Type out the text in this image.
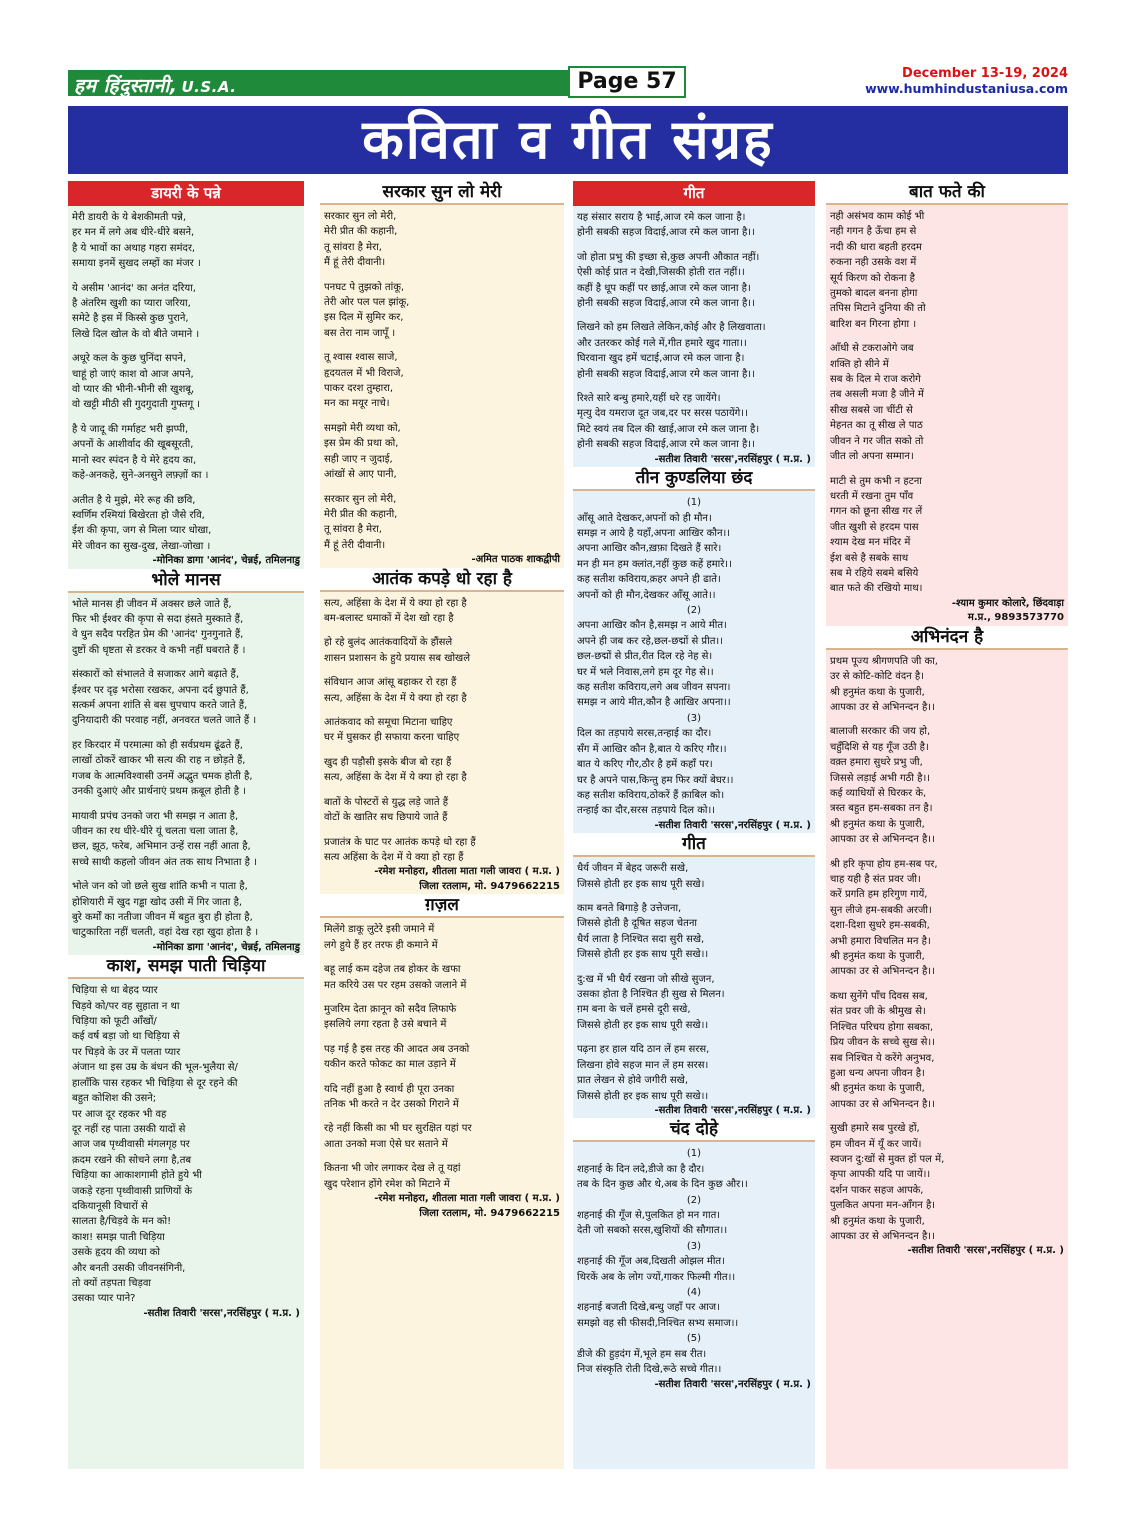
हम हिंदुस्तानी, U.S.A.	Page 57	December 13-19, 2024
www.humhindustaniusa.com
कविता व गीत संग्रह
डायरी के पन्ने
मेरी डायरी के ये बेशकीमती पन्ने,
हर मन में लगे अब धीरे-धीरे बसने,
है ये भावों का अथाह गहरा समंदर,
समाया इनमें सुखद लम्हों का मंजर ।
ये असीम 'आनंद' का अनंत दरिया,
है अंतरिम खुशी का प्यारा जरिया,
समेटे है इस में किस्से कुछ पुराने,
लिखे दिल खोल के वो बीते जमाने ।
अधूरे कल के कुछ चुनिंदा सपने,
चाहूं हो जाएं काश वो आज अपने,
वो प्यार की भीनी-भीनी सी खुशबू,
वो खट्टी मीठी सी गुदगुदाती गुफ्तगू ।
है ये जादू की गर्माहट भरी झप्पी,
अपनों के आशीर्वाद की खूबसूरती,
मानो स्वर स्पंदन है ये मेरे हृदय का,
कहे-अनकहे, सुने-अनसुने लफ़्ज़ों का ।
अतीत है ये मुझे, मेरे रूह की छवि,
स्वर्णिम रश्मियां बिखेरता हो जैसे रवि,
ईश की कृपा, जग से मिला प्यार धोखा,
मेरे जीवन का सुख-दुख, लेखा-जोखा ।
-मोनिका डागा 'आनंद', चेन्नई, तमिलनाडु
भोले मानस
भोले मानस ही जीवन में अक्सर छले जाते हैं,
फिर भी ईश्वर की कृपा से सदा हंसते मुस्काते हैं,
वे धुन सदैव परहित प्रेम की 'आनंद' गुनगुनाते हैं,
दुष्टों की धृष्टता से डरकर वे कभी नहीं घबराते हैं ।
संस्कारों को संभालते वे सजाकर आगे बढ़ाते हैं,
ईश्वर पर दृढ़ भरोसा रखकर, अपना दर्द छुपाते हैं,
सत्कर्म अपना शांति से बस चुपचाप करते जाते हैं,
दुनियादारी की परवाह नहीं, अनवरत चलते जाते हैं ।
हर किरदार में परमात्मा को ही सर्वप्रथम ढूंढते हैं,
लाखों ठोकरें खाकर भी सत्य की राह न छोड़ते हैं,
गजब के आत्मविश्वासी उनमें अद्भुत चमक होती है,
उनकी दुआएं और प्रार्थनाएं प्रथम क़बूल होती है ।
मायावी प्रपंच उनको जरा भी समझ न आता है,
जीवन का रथ धीरे-धीरे यूं चलता चला जाता है,
छल, झूठ, फरेब, अभिमान उन्हें रास नहीं आता है,
सच्चे साथी कहलो जीवन अंत तक साथ निभाता है ।
भोले जन को जो छले सुख शांति कभी न पाता है,
होशियारी में खुद गड्ढा खोद उसी में गिर जाता है,
बुरे कर्मों का नतीजा जीवन में बहुत बुरा ही होता है,
चाटुकारिता नहीं चलती, वहां देख रहा खुदा होता है ।
-मोनिका डागा 'आनंद', चेन्नई, तमिलनाडु
काश, समझ पाती चिड़िया
चिड़िया से था बेहद प्यार
चिड़वे को/पर वह सुहाता न था
चिड़िया को फूटी आँखों/
कई वर्ष बड़ा जो था चिड़िया से
पर चिड़वे के उर में पलता प्यार
अंजान था इस उम्र के बंधन की भूल-भुलैया से/
हालाँकि पास रहकर भी चिड़िया से दूर रहने की
बहुत कोशिश की उसने;
पर आज दूर रहकर भी वह
दूर नहीं रह पाता उसकी यादों से
आज जब पृथ्वीवासी मंगलगृह पर
क़दम रखने की सोचने लगा है,तब
चिड़िया का आकाशगामी होते हुये भी
जकड़े रहना पृथ्वीवासी प्राणियों के
दकियानूसी विचारों से
सालता है/चिड़वे के मन को!
काश! समझ पाती चिड़िया
उसके हृदय की व्यथा को
और बनती उसकी जीवनसंगिनी,
तो क्यों तड़पता चिड़वा
उसका प्यार पाने?
-सतीश तिवारी 'सरस',नरसिंहपुर ( म.प्र. )
सरकार सुन लो मेरी
सरकार सुन लो मेरी,
मेरी प्रीत की कहानी,
तू सांवरा है मेरा,
मैं हूं तेरी दीवानी।
पनघट पे तुझको तांकू,
तेरी ओर पल पल झांकू,
इस दिल में सुमिर कर,
बस तेरा नाम जापूँ ।
तू श्वास श्वास साजे,
हृदयतल में भी विराजे,
पाकर दरश तुम्हारा,
मन का मयूर नाचे।
समझो मेरी व्यथा को,
इस प्रेम की प्रथा को,
सही जाए न जुदाई,
आंखों से आए पानी,
सरकार सुन लो मेरी,
मेरी प्रीत की कहानी,
तू सांवरा है मेरा,
मैं हूं तेरी दीवानी।
-अमित पाठक शाकद्वीपी
आतंक कपड़े धो रहा है
सत्य, अहिंसा के देश में ये क्या हो रहा है
बम-बलास्ट धमाकों में देश खो रहा है
हो रहे बुलंद आतंकवादियों के हौंसले
शासन प्रशासन के हुये प्रयास सब खोखले
संविधान आज आंसू बहाकर रो रहा हैं
सत्य, अहिंसा के देश में ये क्या हो रहा है
आतंकवाद को समूचा मिटाना चाहिए
घर में घुसकर ही सफाया करना चाहिए
खुद ही पड़ौसी इसके बीज बो रहा हैं
सत्य, अहिंसा के देश में ये क्या हो रहा है
बातों के पोस्टरों से युद्ध लड़े जाते हैं
वोटों के खातिर सच छिपाये जाते हैं
प्रजातंत्र के घाट पर आतंक कपड़े धो रहा हैं
सत्य अहिंसा के देश में ये क्या हो रहा हैं
-रमेश मनोहरा, शीतला माता गली जावरा ( म.प्र. )
जिला रतलाम, मो. 9479662215
ग़ज़ल
मिलेंगे डाकू लुटेरे इसी जमाने में
लगे हुये हैं हर तरफ ही कमाने में
बहू लाई कम दहेज तब होकर के खफा
मत करिये उस पर रहम उसको जलाने में
मुजरिम देता क़ानून को सदैव लिफाफे
इसलिये लगा रहता है उसे बचाने में
पड़ गई है इस तरह की आदत अब उनको
यकीन करते फोकट का माल उड़ाने में
यदि नहीं हुआ है स्वार्थ ही पूरा उनका
तनिक भी करते न देर उसको गिराने में
रहे नहीं किसी का भी घर सुरक्षित यहां पर
आता उनको मजा ऐसे घर सताने में
कितना भी जोर लगाकर देख ले तू यहां
खुद परेशान होंगे रमेश को मिटाने में
-रमेश मनोहरा, शीतला माता गली जावरा ( म.प्र. )
जिला रतलाम, मो. 9479662215
गीत
यह संसार सराय है भाई,आज रमे कल जाना है।
होनी सबकी सहज विदाई,आज रमे कल जाना है।।
जो होता प्रभु की इच्छा से,कुछ अपनी औकात नहीं।
ऐसी कोई प्रात न देखी,जिसकी होती रात नहीं।।
कहीं है धूप कहीं पर छाई,आज रमे कल जाना है।
होनी सबकी सहज विदाई,आज रमे कल जाना है।।
लिखने को हम लिखते लेकिन,कोई और है लिखवाता।
और उतरकर कोई गले में,गीत हमारे खुद गाता।।
घिरवाना खुद हमें चटाई,आज रमे कल जाना है।
होनी सबकी सहज विदाई,आज रमे कल जाना है।।
रिश्ते सारे बन्धु हमारे,यहीं धरे रह जायेंगे।
मृत्यु देव यमराज दूत जब,दर पर सरस पठायेंगे।।
मिटे स्वयं तब दिल की खाई,आज रमे कल जाना है।
होनी सबकी सहज विदाई,आज रमे कल जाना है।।
-सतीश तिवारी 'सरस',नरसिंहपुर ( म.प्र. )
तीन कुण्डलिया छंद
(1)
आँसू आते देखकर,अपनों को ही मौन।
समझ न आये है यहाँ,अपना आखिर कौन।।
अपना आखिर कौन,ख़फ़ा दिखते हैं सारे।
मन ही मन हम क्लांत,नहीं कुछ कहें हमारे।।
कह सतीश कविराय,क़हर अपने ही ढाते।
अपनों को ही मौन,देखकर आँसू आते।।
(2)
अपना आखिर कौन है,समझ न आये मीत।
अपने ही जब कर रहे,छल-छद्मों से प्रीत।।
छल-छद्मों से प्रीत,रीत दिल रहे नेह से।
घर में भले निवास,लगे हम दूर गेह से।।
कह सतीश कविराय,लगे अब जीवन सपना।
समझ न आये मीत,कौन है आखिर अपना।।
(3)
दिल का तड़पाये सरस,तन्हाई का दौर।
सँग में आखिर कौन है,बात ये करिए गौर।।
बात ये करिए गौर,ठौर है हमें कहाँ पर।
घर है अपने पास,किन्तु हम फिर क्यों बेघर।।
कह सतीश कविराय,ठोकरें हैं क़ाबिल को।
तन्हाई का दौर,सरस तड़पाये दिल को।।
-सतीश तिवारी 'सरस',नरसिंहपुर ( म.प्र. )
गीत
धैर्य जीवन में बेहद जरूरी सखे,
जिससे होती हर इक साध पूरी सखे।
काम बनते बिगाड़े है उत्तेजना,
जिससे होती है दूषित सहज चेतना
धैर्य लाता है निश्चित सदा सुरी सखे,
जिससे होती हर इक साध पूरी सखे।।
दु:ख में भी धैर्य रखना जो सीखे सुजन,
उसका होता है निश्चित ही सुख से मिलन।
ग़म बना के चलें हमसे दूरी सखे,
जिससे होती हर इक साध पूरी सखे।।
पढ़ना हर हाल यदि ठान लें हम सरस,
लिखना होवे सहज मान लें हम सरस।
प्रात लेखन से होवे जगीरी सखे,
जिससे होती हर इक साध पूरी सखे।।
-सतीश तिवारी 'सरस',नरसिंहपुर ( म.प्र. )
चंद दोहे
(1)
शहनाई के दिन लदे,डीजे का है दौर।
तब के दिन कुछ और थे,अब के दिन कुछ और।।
(2)
शहनाई की गूँज से,पुलकित हो मन गात।
देती जो सबको सरस,खुशियों की सौगात।।
(3)
शहनाई की गूँज अब,दिखती ओझल मीत।
थिरकें अब के लोग ज्यों,गाकर फिल्मी गीत।।
(4)
शहनाई बजती दिखे,बन्धु जहाँ पर आज।
समझो वह सी फीसदी,निश्चित सभ्य समाज।।
(5)
डीजे की हुड़दंग में,भूले हम सब रीत।
निज संस्कृति रोती दिखे,रूठे सच्चे गीत।।
-सतीश तिवारी 'सरस',नरसिंहपुर ( म.प्र. )
बात फते की
नही असंभव काम कोई भी
नही गगन है ऊँचा हम से
नदी की धारा बहती हरदम
रुकना नही उसके वश में
सूर्य किरण को रोकना है
तुमको बादल बनना होगा
तपिस मिटाने दुनिया की तो
बारिश बन गिरना होगा ।
आँधी से टकराओगे जब
शक्ति हो सीने में
सब के दिल मे राज करोगे
तब असली मजा है जीने में
सीख सबसे जा चींटी से
मेहनत का तू सीख ले पाठ
जीवन ने गर जीत सको तो
जीत लो अपना सम्मान।
माटी से तुम कभी न हटना
धरती में रखना तुम पाँव
गगन को छूना सीख गर लें
जीत खुशी से हरदम पास
श्याम देख मन मंदिर में
ईश बसे है सबके साथ
सब मे रहिये सबमे बसिये
बात फते की रखियो माथ।
-श्याम कुमार कोलारे, छिंदवाड़ा
म.प्र., 9893573770
अभिनंदन है
प्रथम पूज्य श्रीगणपति जी का,
उर से कोटि-कोटि वंदन है।
श्री हनुमंत कथा के पुजारी,
आपका उर से अभिनन्दन है।।
बालाजी सरकार की जय हो,
चहुँदिशि से यह गूँज उठी है।
वक़्त हमारा सुधरे प्रभु जी,
जिससे लड़ाई अभी गठी है।।
कई व्याधियों से घिरकर के,
त्रस्त बहुत हम-सबका तन है।
श्री हनुमंत कथा के पुजारी,
आपका उर से अभिनन्दन है।।
श्री हरि कृपा होय हम-सब पर,
चाह यही है संत प्रवर जी।
करें प्रगति हम हरिगुण गायें,
सुन लीजे हम-सबकी अरजी।
दशा-दिशा सुधरे हम-सबकी,
अभी हमारा विचलित मन है।
श्री हनुमंत कथा के पुजारी,
आपका उर से अभिनन्दन है।।
कथा सुनेंगे पाँच दिवस सब,
संत प्रवर जी के श्रीमुख से।
निश्चित परिचय होगा सबका,
प्रिय जीवन के सच्चे सुख से।।
सब निश्चित ये करेंगे अनुभव,
हुआ धन्य अपना जीवन है।
श्री हनुमंत कथा के पुजारी,
आपका उर से अभिनन्दन है।।
सुखी हमारे सब पुरखे हों,
हम जीवन में यूँ कर जायें।
स्वजन दु:खों से मुक्त हों पल में,
कृपा आपकी यदि पा जायें।।
दर्शन पाकर सहज आपके,
पुलकित अपना मन-आँगन है।
श्री हनुमंत कथा के पुजारी,
आपका उर से अभिनन्दन है।।
-सतीश तिवारी 'सरस',नरसिंहपुर ( म.प्र. )
